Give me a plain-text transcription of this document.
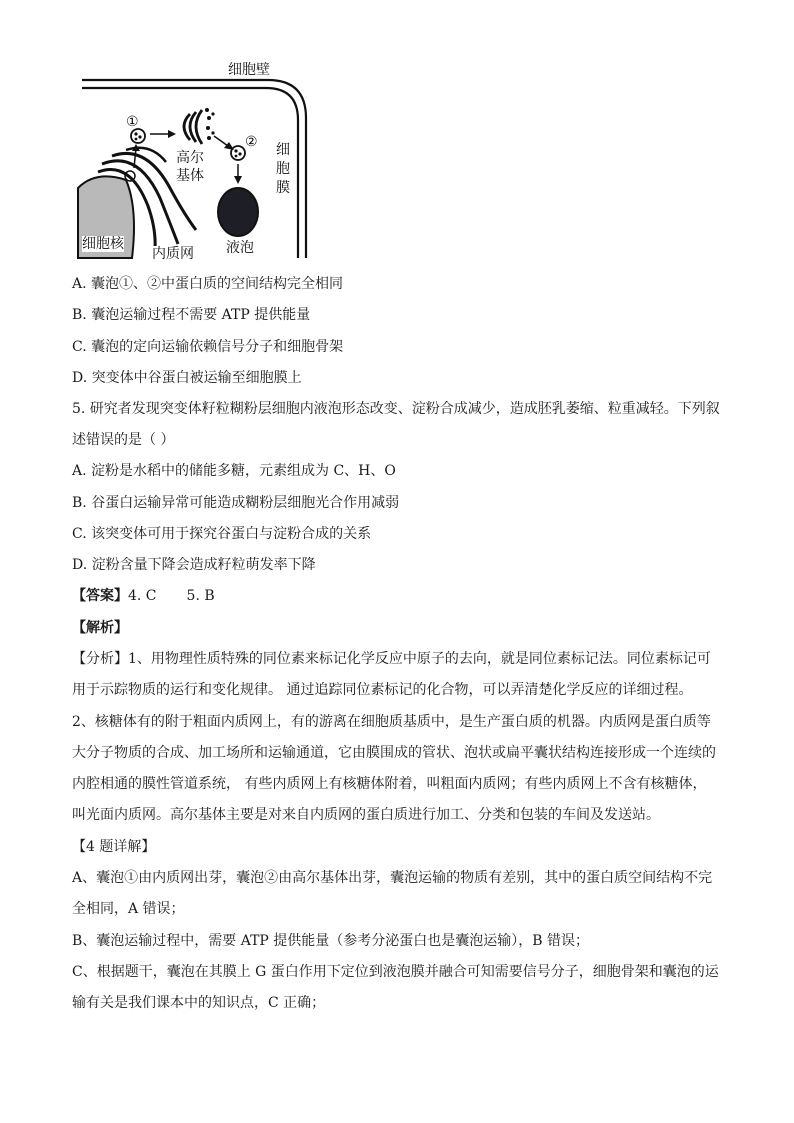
细胞壁
①
②
高尔
基体
细
胞
膜
细胞核
内质网 液泡
A. 囊泡①、②中蛋白质的空间结构完全相同
B. 囊泡运输过程不需要 ATP 提供能量
C. 囊泡的定向运输依赖信号分子和细胞骨架
D. 突变体中谷蛋白被运输至细胞膜上
5. 研究者发现突变体籽粒糊粉层细胞内液泡形态改变、淀粉合成减少，造成胚乳萎缩、粒重减轻。下列叙
述错误的是（ ）
A. 淀粉是水稻中的储能多糖，元素组成为 C、H、O
B. 谷蛋白运输异常可能造成糊粉层细胞光合作用减弱
C. 该突变体可用于探究谷蛋白与淀粉合成的关系
D. 淀粉含量下降会造成籽粒萌发率下降
【答案】4. C 5. B
【解析】
【分析】1、用物理性质特殊的同位素来标记化学反应中原子的去向，就是同位素标记法。同位素标记可
用于示踪物质的运行和变化规律。 通过追踪同位素标记的化合物，可以弄清楚化学反应的详细过程。
2、核糖体有的附于粗面内质网上，有的游离在细胞质基质中，是生产蛋白质的机器。内质网是蛋白质等
大分子物质的合成、加工场所和运输通道，它由膜围成的管状、泡状或扁平囊状结构连接形成一个连续的
内腔相通的膜性管道系统， 有些内质网上有核糖体附着，叫粗面内质网；有些内质网上不含有核糖体，
叫光面内质网。高尔基体主要是对来自内质网的蛋白质进行加工、分类和包装的车间及发送站。
【4 题详解】
A、囊泡①由内质网出芽，囊泡②由高尔基体出芽，囊泡运输的物质有差别，其中的蛋白质空间结构不完
全相同，A 错误；
B、囊泡运输过程中，需要 ATP 提供能量（参考分泌蛋白也是囊泡运输），B 错误；
C、根据题干，囊泡在其膜上 G 蛋白作用下定位到液泡膜并融合可知需要信号分子，细胞骨架和囊泡的运
输有关是我们课本中的知识点，C 正确；
